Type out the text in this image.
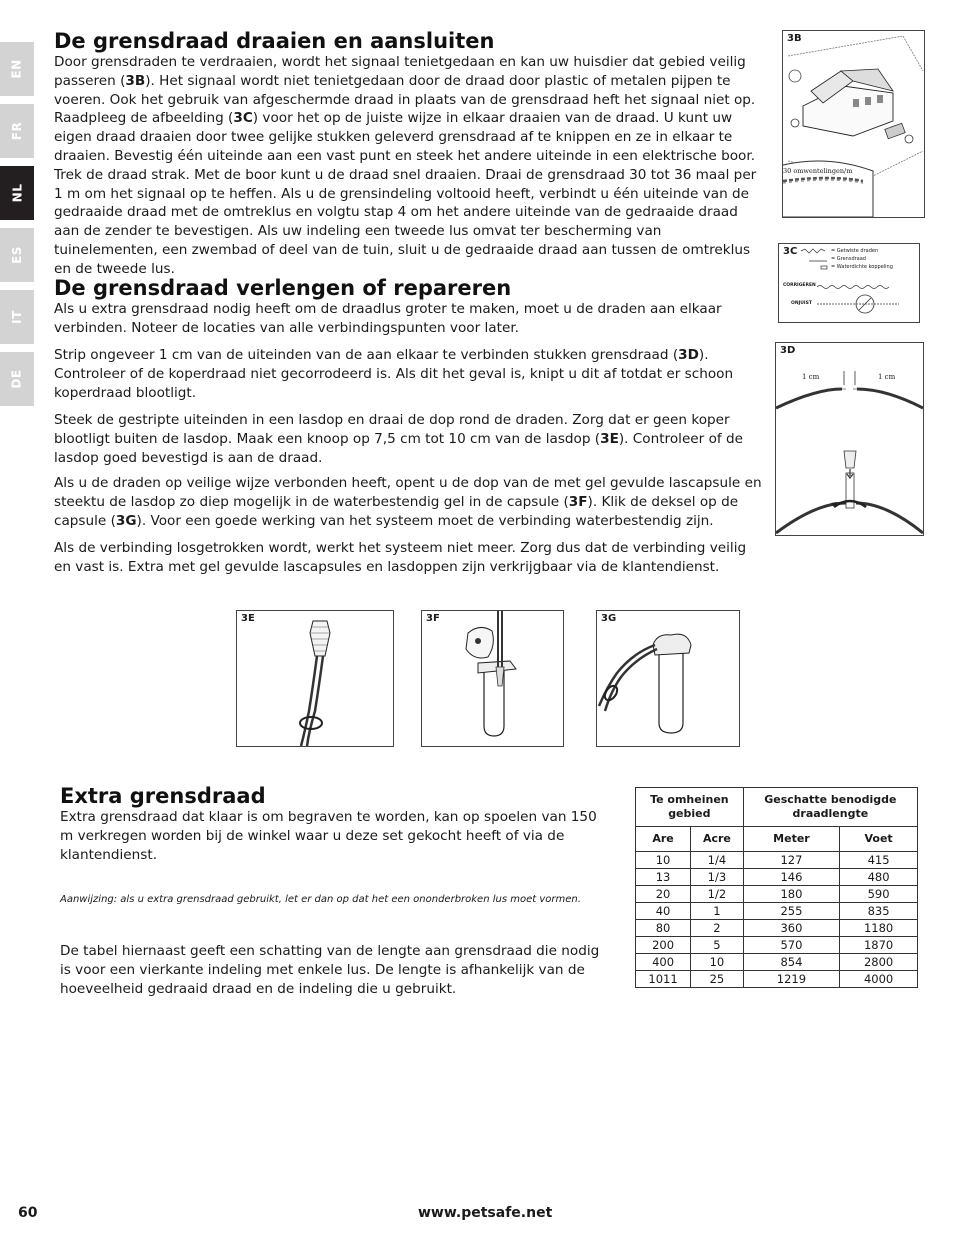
EN
FR
NL
ES
IT
DE
De grensdraad draaien en aansluiten

Door grensdraden te verdraaien, wordt het signaal tenietgedaan en kan uw huisdier dat gebied veilig passeren (3B). Het signaal wordt niet tenietgedaan door de draad door plastic of metalen pijpen te voeren. Ook het gebruik van afgeschermde draad in plaats van de grensdraad heft het signaal niet op. Raadpleeg de afbeelding (3C) voor het op de juiste wijze in elkaar draaien van de draad. U kunt uw eigen draad draaien door twee gelijke stukken geleverd grensdraad af te knippen en ze in elkaar te draaien. Bevestig één uiteinde aan een vast punt en steek het andere uiteinde in een elektrische boor. Trek de draad strak. Met de boor kunt u de draad snel draaien. Draai de grensdraad 30 tot 36 maal per 1 m om het signaal op te heffen. Als u de grensindeling voltooid heeft, verbindt u één uiteinde van de gedraaide draad met de omtreklus en volgtu stap 4 om het andere uiteinde van de gedraaide draad aan de zender te bevestigen. Als uw indeling een tweede lus omvat ter bescherming van tuinelementen, een zwembad of deel van de tuin, sluit u de gedraaide draad aan tussen de omtreklus en de tweede lus.

De grensdraad verlengen of repareren

Als u extra grensdraad nodig heeft om de draadlus groter te maken, moet u de draden aan elkaar verbinden. Noteer de locaties van alle verbindingspunten voor later.

Strip ongeveer 1 cm van de uiteinden van de aan elkaar te verbinden stukken grensdraad (3D). Controleer of de koperdraad niet gecorrodeerd is. Als dit het geval is, knipt u dit af totdat er schoon koperdraad blootligt.

Steek de gestripte uiteinden in een lasdop en draai de dop rond de draden. Zorg dat er geen koper blootligt buiten de lasdop. Maak een knoop op 7,5 cm tot 10 cm van de lasdop (3E). Controleer of de lasdop goed bevestigd is aan de draad.

Als u de draden op veilige wijze verbonden heeft, opent u de dop van de met gel gevulde lascapsule en steektu de lasdop zo diep mogelijk in de waterbestendig gel in de capsule (3F). Klik de deksel op de capsule (3G). Voor een goede werking van het systeem moet de verbinding waterbestendig zijn.

Als de verbinding losgetrokken wordt, werkt het systeem niet meer. Zorg dus dat de verbinding veilig en vast is. Extra met gel gevulde lascapsules en lasdoppen zijn verkrijgbaar via de klantendienst.

3B
30 omwentelingen/m
3C	= Getwiste draden
= Grensdraad
= Waterdichte koppeling
CORRIGEREN
ONJUIST
3D
1 cm	1 cm
3E	3F	3G
Extra grensdraad

Extra grensdraad dat klaar is om begraven te worden, kan op spoelen van 150 m verkregen worden bij de winkel waar u deze set gekocht heeft of via de klantendienst.

Aanwijzing: als u extra grensdraad gebruikt, let er dan op dat het een ononderbroken lus moet vormen.

De tabel hiernaast geeft een schatting van de lengte aan grensdraad die nodig is voor een vierkante indeling met enkele lus. De lengte is afhankelijk van de hoeveelheid gedraaid draad en de indeling die u gebruikt.

Te omheinen gebied		Geschatte benodigde draadlengte	
Are	Acre	Meter	Voet
10	1/4	127	415
13	1/3	146	480
20	1/2	180	590
40	1	255	835
80	2	360	1180
200	5	570	1870
400	10	854	2800
1011	25	1219	4000
60	www.petsafe.net
